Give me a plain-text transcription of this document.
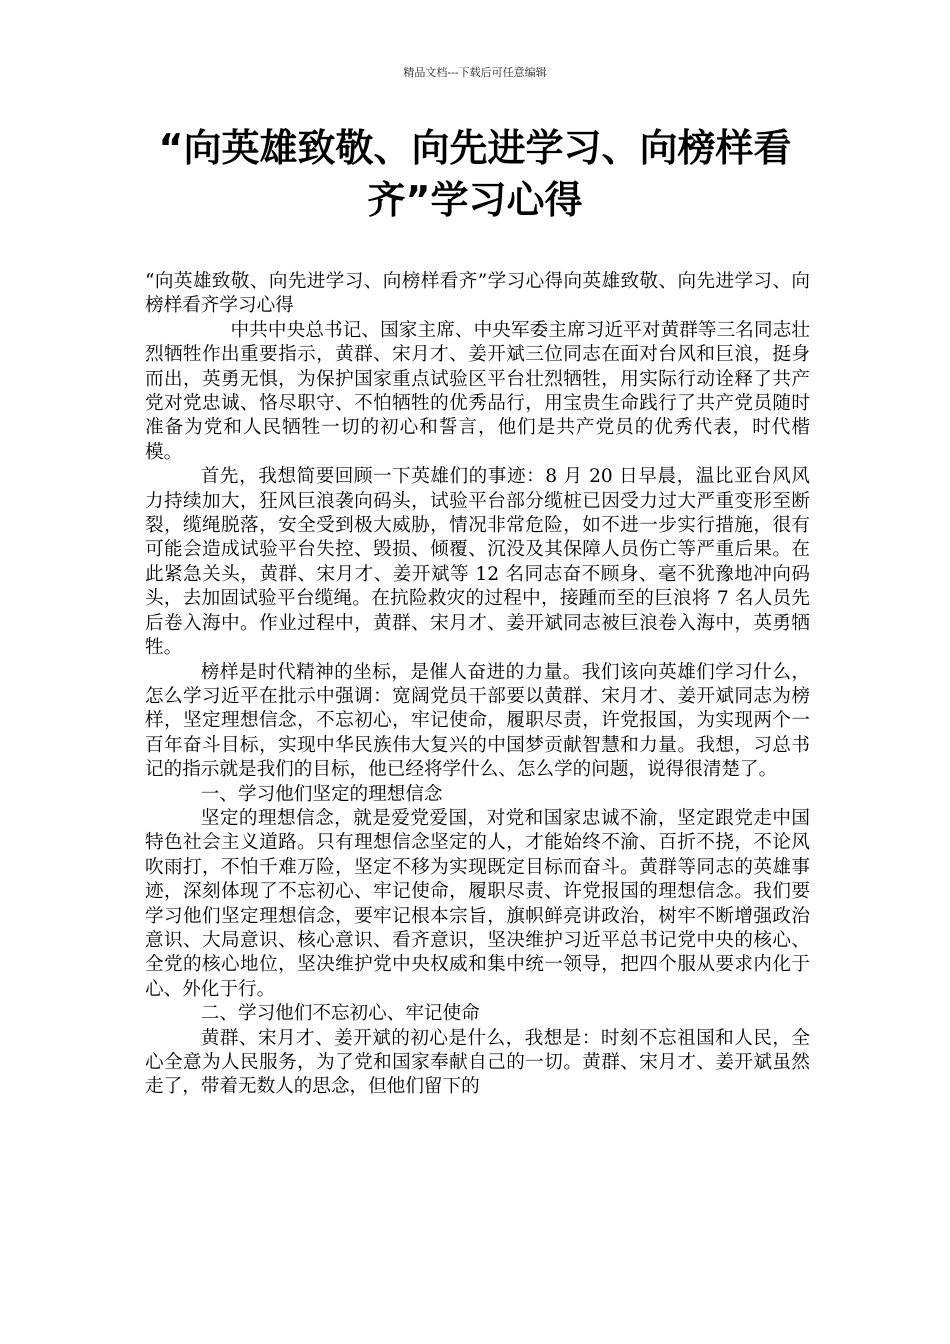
精品文档---下载后可任意编辑
“向英雄致敬、向先进学习、向榜样看
齐”学习心得

“向英雄致敬、向先进学习、向榜样看齐”学习心得向英雄致敬、向先进学习、向榜样看齐学习心得

中共中央总书记、国家主席、中央军委主席习近平对黄群等三名同志壮烈牺牲作出重要指示，黄群、宋月才、姜开斌三位同志在面对台风和巨浪，挺身而出，英勇无惧，为保护国家重点试验区平台壮烈牺牲，用实际行动诠释了共产党对党忠诚、恪尽职守、不怕牺牲的优秀品行，用宝贵生命践行了共产党员随时准备为党和人民牺牲一切的初心和誓言，他们是共产党员的优秀代表，时代楷模。

首先，我想简要回顾一下英雄们的事迹：8 月 20 日早晨，温比亚台风风力持续加大，狂风巨浪袭向码头，试验平台部分缆桩已因受力过大严重变形至断裂，缆绳脱落，安全受到极大威胁，情况非常危险，如不进一步实行措施，很有可能会造成试验平台失控、毁损、倾覆、沉没及其保障人员伤亡等严重后果。在此紧急关头，黄群、宋月才、姜开斌等 12 名同志奋不顾身、毫不犹豫地冲向码头，去加固试验平台缆绳。在抗险救灾的过程中，接踵而至的巨浪将 7 名人员先后卷入海中。作业过程中，黄群、宋月才、姜开斌同志被巨浪卷入海中，英勇牺牲。

榜样是时代精神的坐标，是催人奋进的力量。我们该向英雄们学习什么，怎么学习近平在批示中强调：宽阔党员干部要以黄群、宋月才、姜开斌同志为榜样，坚定理想信念，不忘初心，牢记使命，履职尽责，许党报国，为实现两个一百年奋斗目标，实现中华民族伟大复兴的中国梦贡献智慧和力量。我想，习总书记的指示就是我们的目标，他已经将学什么、怎么学的问题，说得很清楚了。

一、学习他们坚定的理想信念

坚定的理想信念，就是爱党爱国，对党和国家忠诚不渝，坚定跟党走中国特色社会主义道路。只有理想信念坚定的人，才能始终不渝、百折不挠，不论风吹雨打，不怕千难万险，坚定不移为实现既定目标而奋斗。黄群等同志的英雄事迹，深刻体现了不忘初心、牢记使命，履职尽责、许党报国的理想信念。我们要学习他们坚定理想信念，要牢记根本宗旨，旗帜鲜亮讲政治，树牢不断增强政治意识、大局意识、核心意识、看齐意识，坚决维护习近平总书记党中央的核心、全党的核心地位，坚决维护党中央权威和集中统一领导，把四个服从要求内化于心、外化于行。

二、学习他们不忘初心、牢记使命

黄群、宋月才、姜开斌的初心是什么，我想是：时刻不忘祖国和人民，全心全意为人民服务，为了党和国家奉献自己的一切。黄群、宋月才、姜开斌虽然走了，带着无数人的思念，但他们留下的
